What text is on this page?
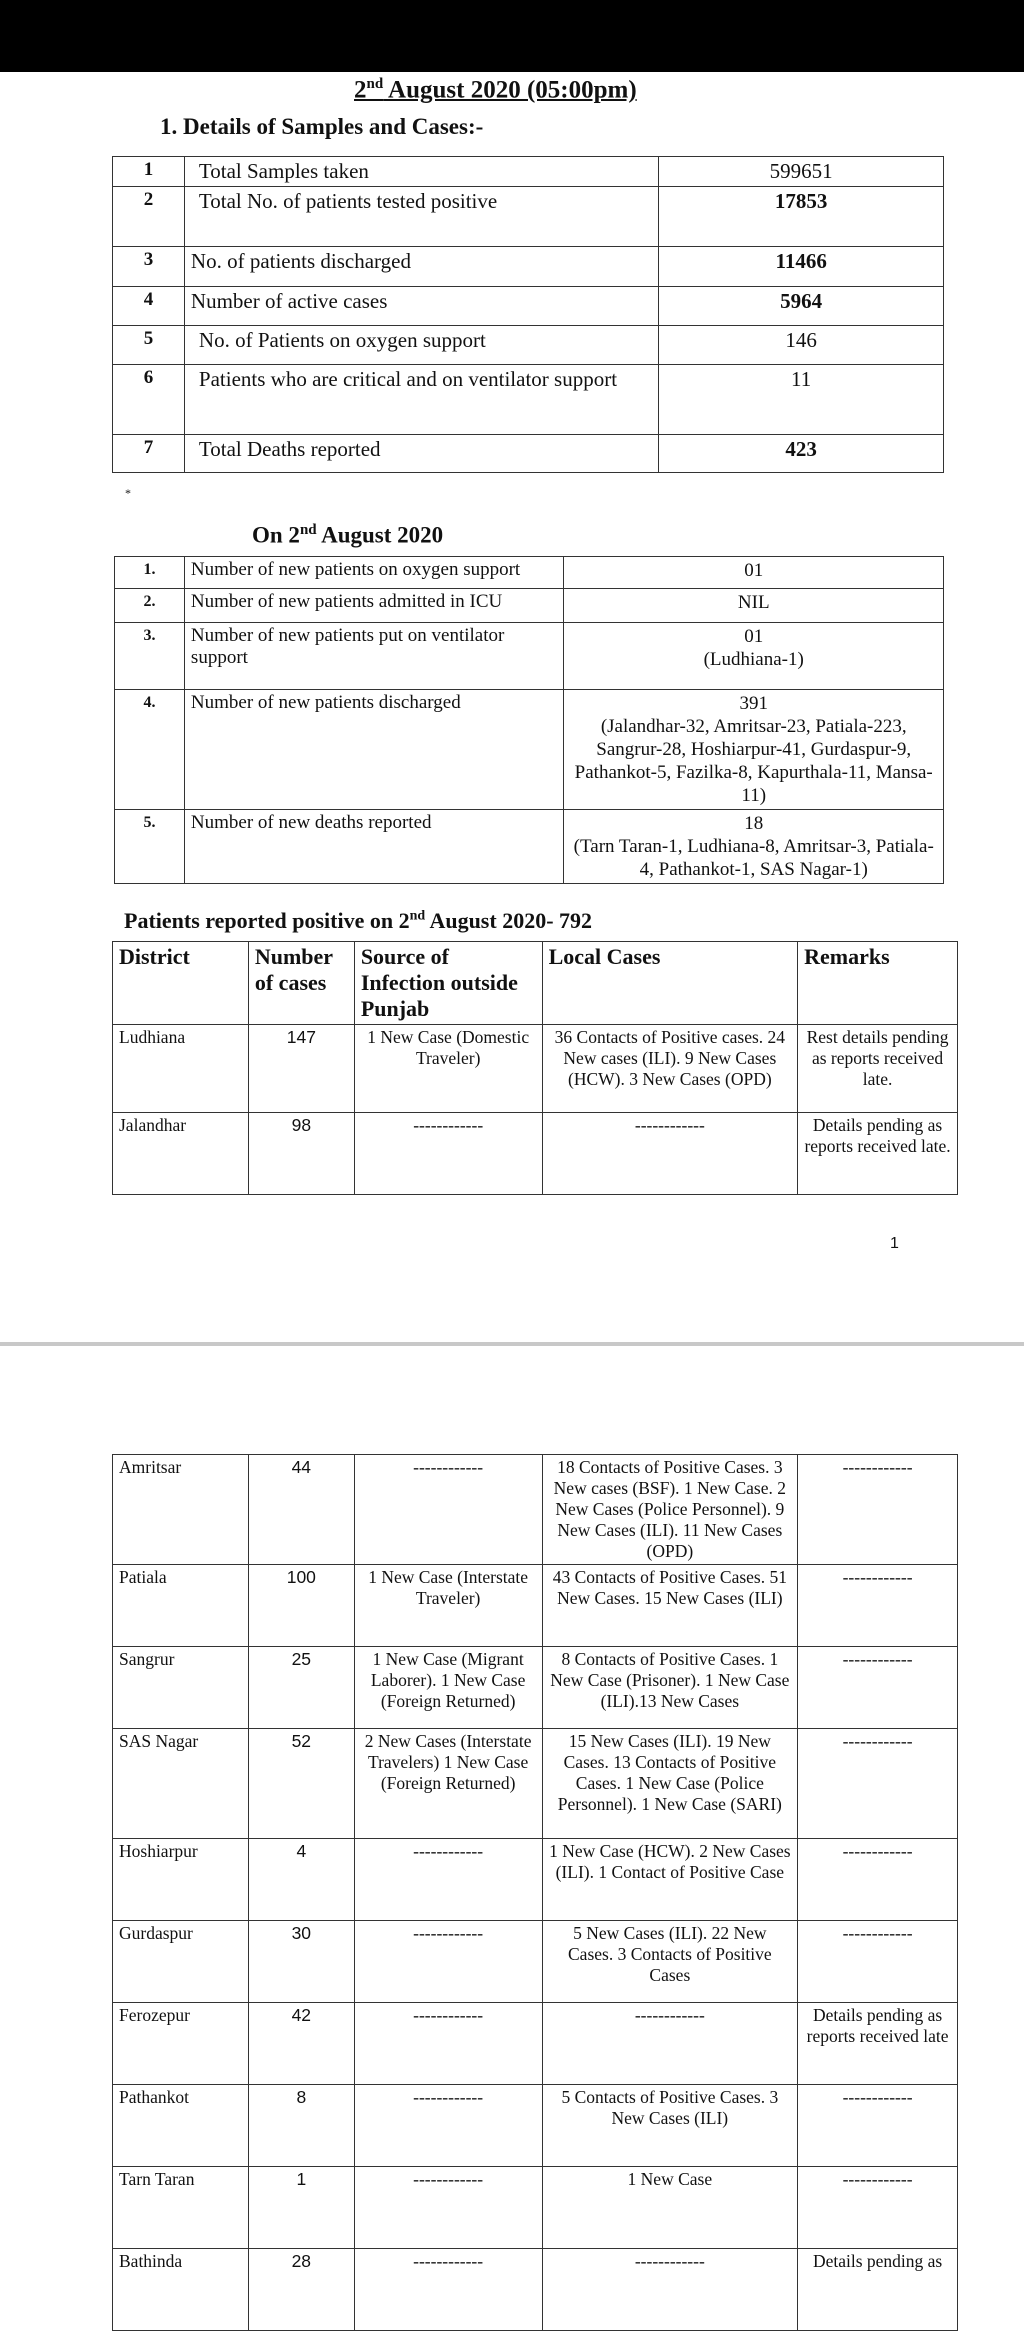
2nd August 2020 (05:00pm)
1. Details of Samples and Cases:-
1	Total Samples taken	599651
2	Total No. of patients tested positive	17853
3	No. of patients discharged	11466
4	Number of active cases	5964
5	No. of Patients on oxygen support	146
6	Patients who are critical and on ventilator support	11
7	Total Deaths reported	423
*
On 2nd August 2020
1.	Number of new patients on oxygen support	01
2.	Number of new patients admitted in ICU	NIL
3.	Number of new patients put on ventilator support	01
(Ludhiana-1)
4.	Number of new patients discharged	391
(Jalandhar-32, Amritsar-23, Patiala-223, Sangrur-28, Hoshiarpur-41, Gurdaspur-9, Pathankot-5, Fazilka-8, Kapurthala-11, Mansa-11)
5.	Number of new deaths reported	18
(Tarn Taran-1, Ludhiana-8, Amritsar-3, Patiala-4, Pathankot-1, SAS Nagar-1)
Patients reported positive on 2nd August 2020- 792
District	Number of cases	Source of Infection outside Punjab	Local Cases	Remarks
Ludhiana	147	1 New Case (Domestic Traveler)	36 Contacts of Positive cases. 24 New cases (ILI). 9 New Cases (HCW). 3 New Cases (OPD)	Rest details pending as reports received late.
Jalandhar	98	------------	------------	Details pending as reports received late.
1
Amritsar	44	------------	18 Contacts of Positive Cases. 3 New cases (BSF). 1 New Case. 2 New Cases (Police Personnel). 9 New Cases (ILI). 11 New Cases (OPD)	------------
Patiala	100	1 New Case (Interstate Traveler)	43 Contacts of Positive Cases. 51 New Cases. 15 New Cases (ILI)	------------
Sangrur	25	1 New Case (Migrant Laborer). 1 New Case (Foreign Returned)	8 Contacts of Positive Cases. 1 New Case (Prisoner). 1 New Case (ILI).13 New Cases	------------
SAS Nagar	52	2 New Cases (Interstate Travelers) 1 New Case (Foreign Returned)	15 New Cases (ILI). 19 New Cases. 13 Contacts of Positive Cases. 1 New Case (Police Personnel). 1 New Case (SARI)	------------
Hoshiarpur	4	------------	1 New Case (HCW). 2 New Cases (ILI). 1 Contact of Positive Case	------------
Gurdaspur	30	------------	5 New Cases (ILI). 22 New Cases. 3 Contacts of Positive Cases	------------
Ferozepur	42	------------	------------	Details pending as reports received late
Pathankot	8	------------	5 Contacts of Positive Cases. 3 New Cases (ILI)	------------
Tarn Taran	1	------------	1 New Case	------------
Bathinda	28	------------	------------	Details pending as
